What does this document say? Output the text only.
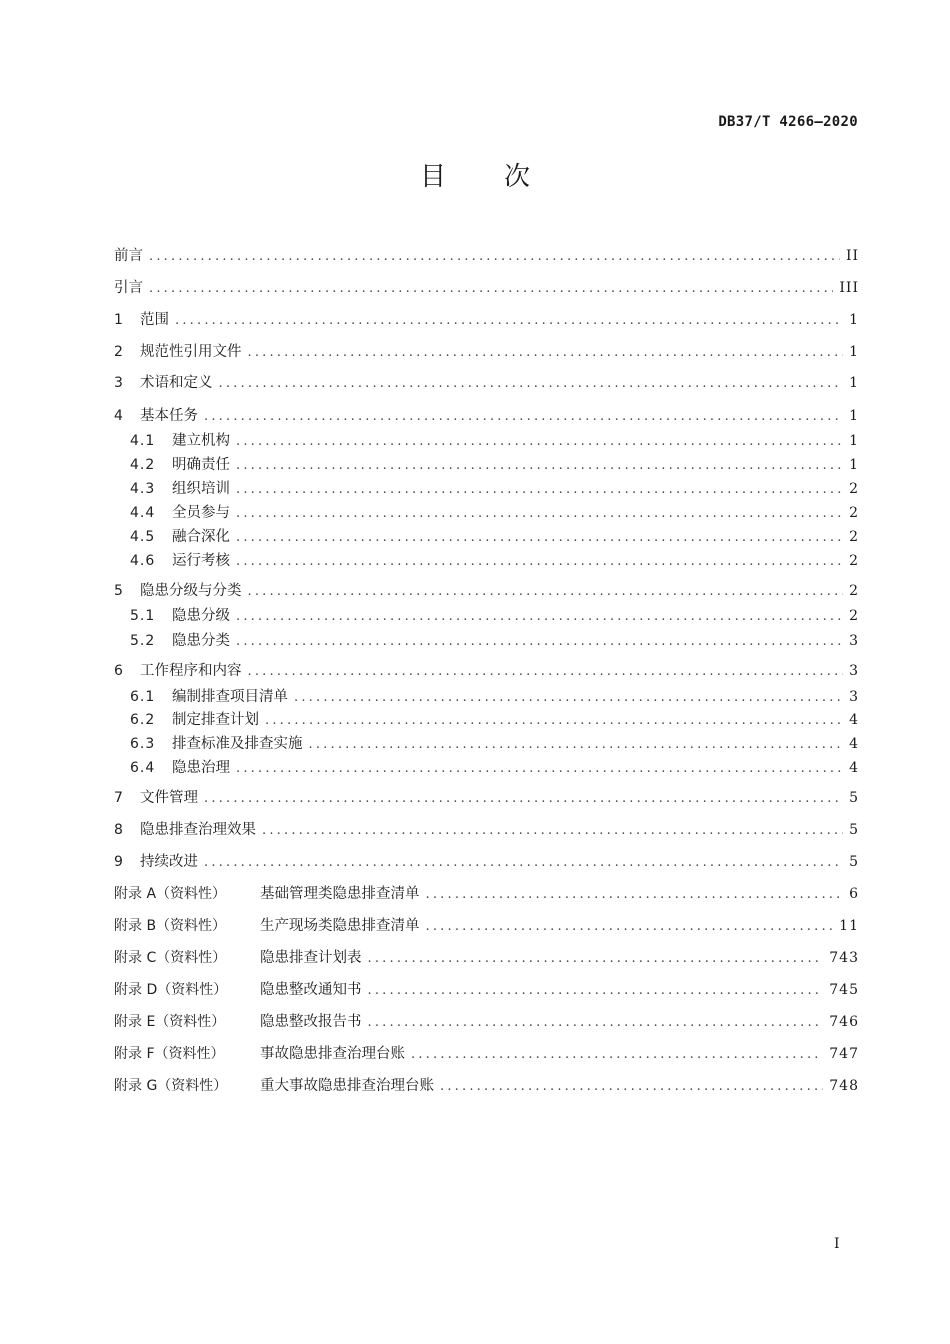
DB37/T 4266—2020
目次
前言 .....	II
引言 .....	III
1	范围 .....	1
2	规范性引用文件 .....	1
3	术语和定义 .....	1
4	基本任务 .....	1
4.1	建立机构 .....	1
4.2	明确责任 .....	1
4.3	组织培训 .....	2
4.4	全员参与 .....	2
4.5	融合深化 .....	2
4.6	运行考核 .....	2
5	隐患分级与分类 .....	2
5.1	隐患分级 .....	2
5.2	隐患分类 .....	3
6	工作程序和内容 .....	3
6.1	编制排查项目清单 .....	3
6.2	制定排查计划 .....	4
6.3	排查标准及排查实施 .....	4
6.4	隐患治理 .....	4
7	文件管理 .....	5
8	隐患排查治理效果 .....	5
9	持续改进 .....	5
附录 A（资料性）	基础管理类隐患排查清单 .....	6
附录 B（资料性）	生产现场类隐患排查清单 .....	11
附录 C（资料性）	隐患排查计划表 .....	743
附录 D（资料性）	隐患整改通知书 .....	745
附录 E（资料性）	隐患整改报告书 .....	746
附录 F（资料性）	事故隐患排查治理台账 .....	747
附录 G（资料性）	重大事故隐患排查治理台账 .....	748
I
